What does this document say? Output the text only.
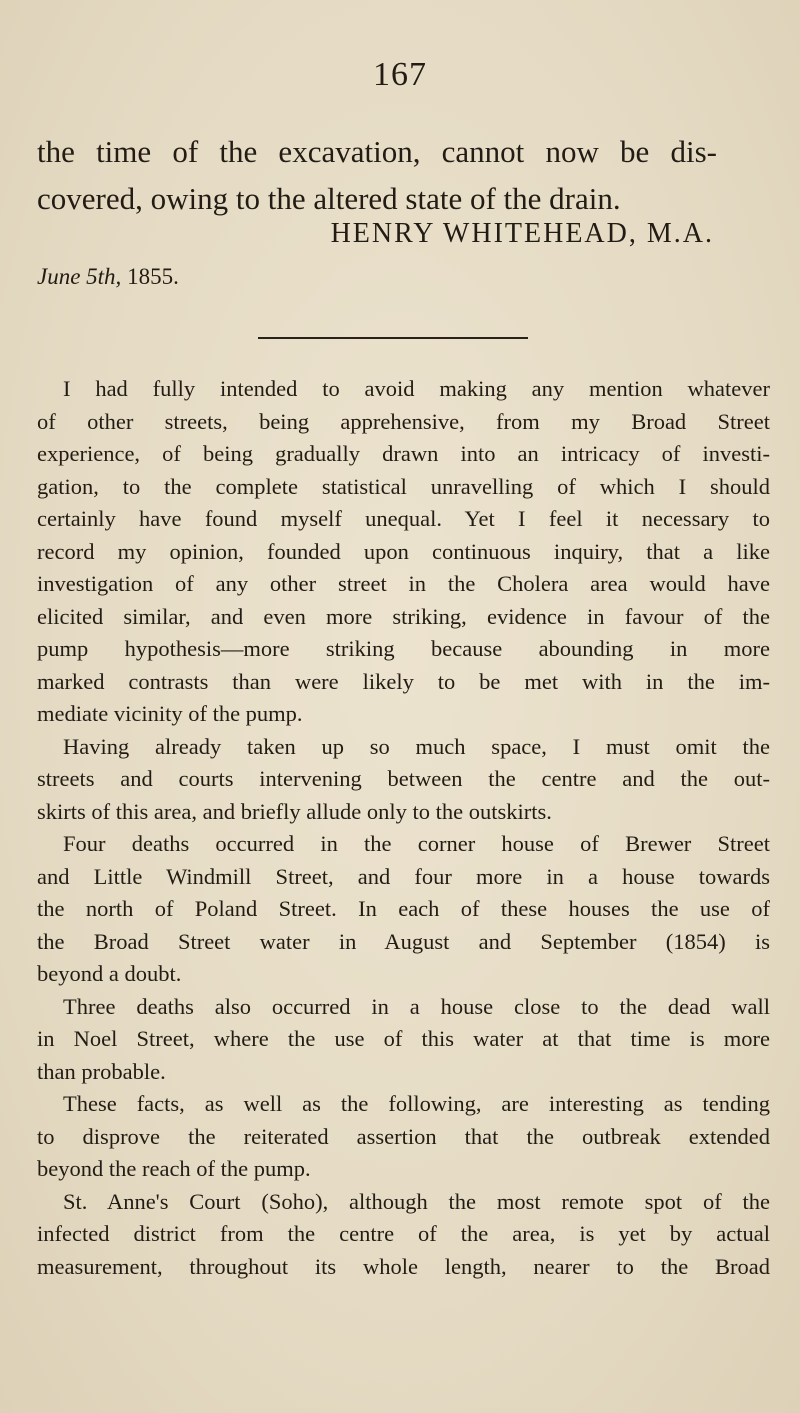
167
the time of the excavation, cannot now be dis-
covered, owing to the altered state of the drain.
HENRY WHITEHEAD, M.A.
June 5th, 1855.
I had fully intended to avoid making any mention whatever
of other streets, being apprehensive, from my Broad Street
experience, of being gradually drawn into an intricacy of investi-
gation, to the complete statistical unravelling of which I should
certainly have found myself unequal. Yet I feel it necessary to
record my opinion, founded upon continuous inquiry, that a like
investigation of any other street in the Cholera area would have
elicited similar, and even more striking, evidence in favour of the
pump hypothesis—more striking because abounding in more
marked contrasts than were likely to be met with in the im-
mediate vicinity of the pump.
Having already taken up so much space, I must omit the
streets and courts intervening between the centre and the out-
skirts of this area, and briefly allude only to the outskirts.
Four deaths occurred in the corner house of Brewer Street
and Little Windmill Street, and four more in a house towards
the north of Poland Street. In each of these houses the use of
the Broad Street water in August and September (1854) is
beyond a doubt.
Three deaths also occurred in a house close to the dead wall
in Noel Street, where the use of this water at that time is more
than probable.
These facts, as well as the following, are interesting as tending
to disprove the reiterated assertion that the outbreak extended
beyond the reach of the pump.
St. Anne's Court (Soho), although the most remote spot of the
infected district from the centre of the area, is yet by actual
measurement, throughout its whole length, nearer to the Broad
